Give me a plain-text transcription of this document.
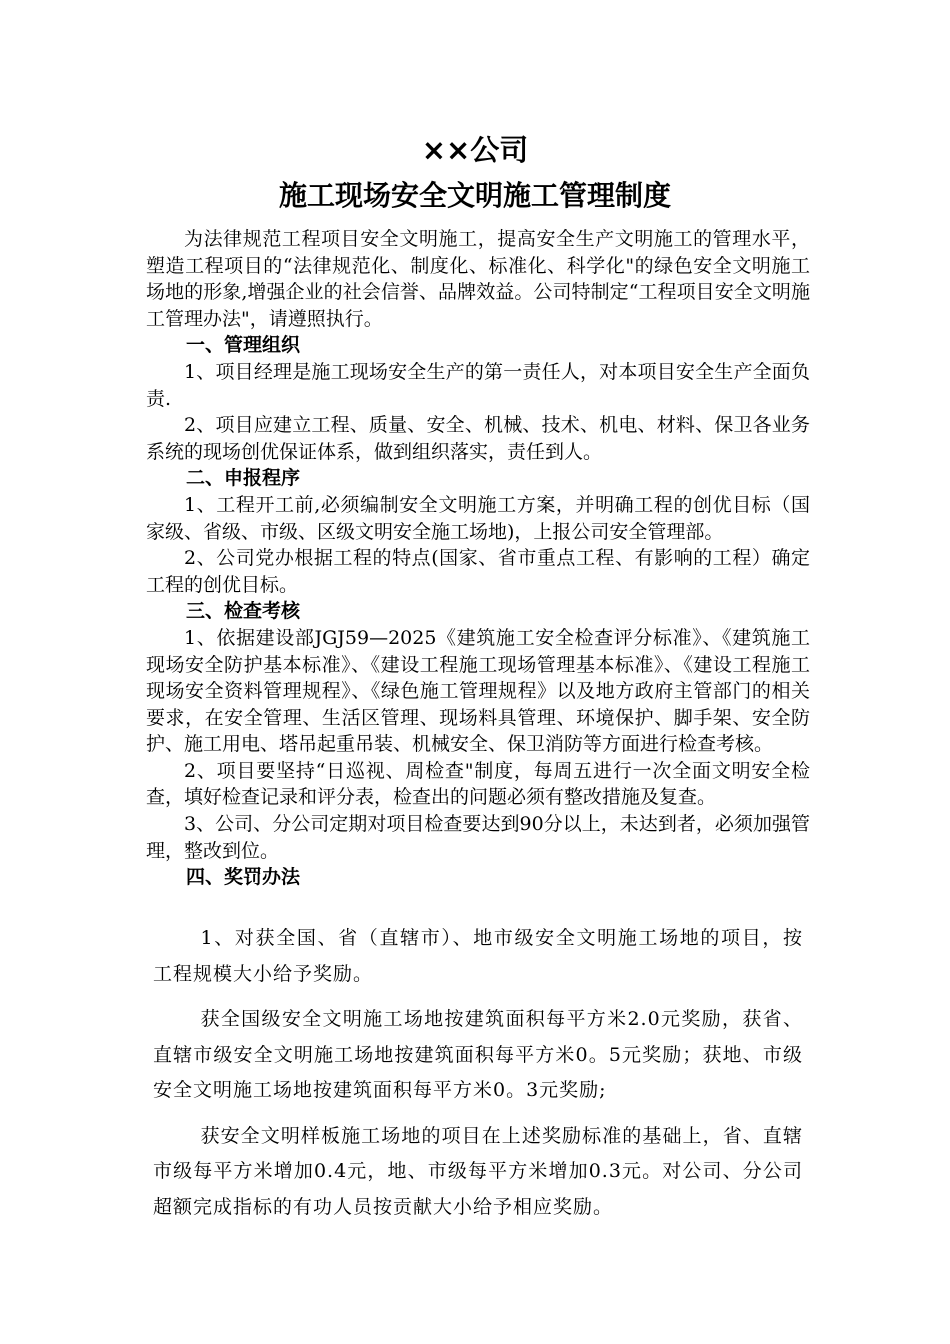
××公司
施工现场安全文明施工管理制度

为法律规范工程项目安全文明施工，提高安全生产文明施工的管理水平，塑造工程项目的“法律规范化、制度化、标准化、科学化"的绿色安全文明施工场地的形象,增强企业的社会信誉、品牌效益。公司特制定“工程项目安全文明施工管理办法"，请遵照执行。

一、管理组织

1、项目经理是施工现场安全生产的第一责任人，对本项目安全生产全面负责.

2、项目应建立工程、质量、安全、机械、技术、机电、材料、保卫各业务系统的现场创优保证体系，做到组织落实，责任到人。

二、申报程序

1、工程开工前,必须编制安全文明施工方案，并明确工程的创优目标（国家级、省级、市级、区级文明安全施工场地)，上报公司安全管理部。

2、公司党办根据工程的特点(国家、省市重点工程、有影响的工程）确定工程的创优目标。

三、检查考核

1、依据建设部JGJ59—2025《建筑施工安全检查评分标准》、《建筑施工现场安全防护基本标准》、《建设工程施工现场管理基本标准》、《建设工程施工现场安全资料管理规程》、《绿色施工管理规程》以及地方政府主管部门的相关要求，在安全管理、生活区管理、现场料具管理、环境保护、脚手架、安全防护、施工用电、塔吊起重吊装、机械安全、保卫消防等方面进行检查考核。

2、项目要坚持“日巡视、周检查"制度，每周五进行一次全面文明安全检查，填好检查记录和评分表，检查出的问题必须有整改措施及复查。

3、公司、分公司定期对项目检查要达到90分以上，未达到者，必须加强管理，整改到位。

四、奖罚办法

1、对获全国、省（直辖市）、地市级安全文明施工场地的项目，按工程规模大小给予奖励。

获全国级安全文明施工场地按建筑面积每平方米2.0元奖励，获省、直辖市级安全文明施工场地按建筑面积每平方米0。5元奖励；获地、市级安全文明施工场地按建筑面积每平方米0。3元奖励;

获安全文明样板施工场地的项目在上述奖励标准的基础上，省、直辖市级每平方米增加0.4元，地、市级每平方米增加0.3元。对公司、分公司超额完成指标的有功人员按贡献大小给予相应奖励。
